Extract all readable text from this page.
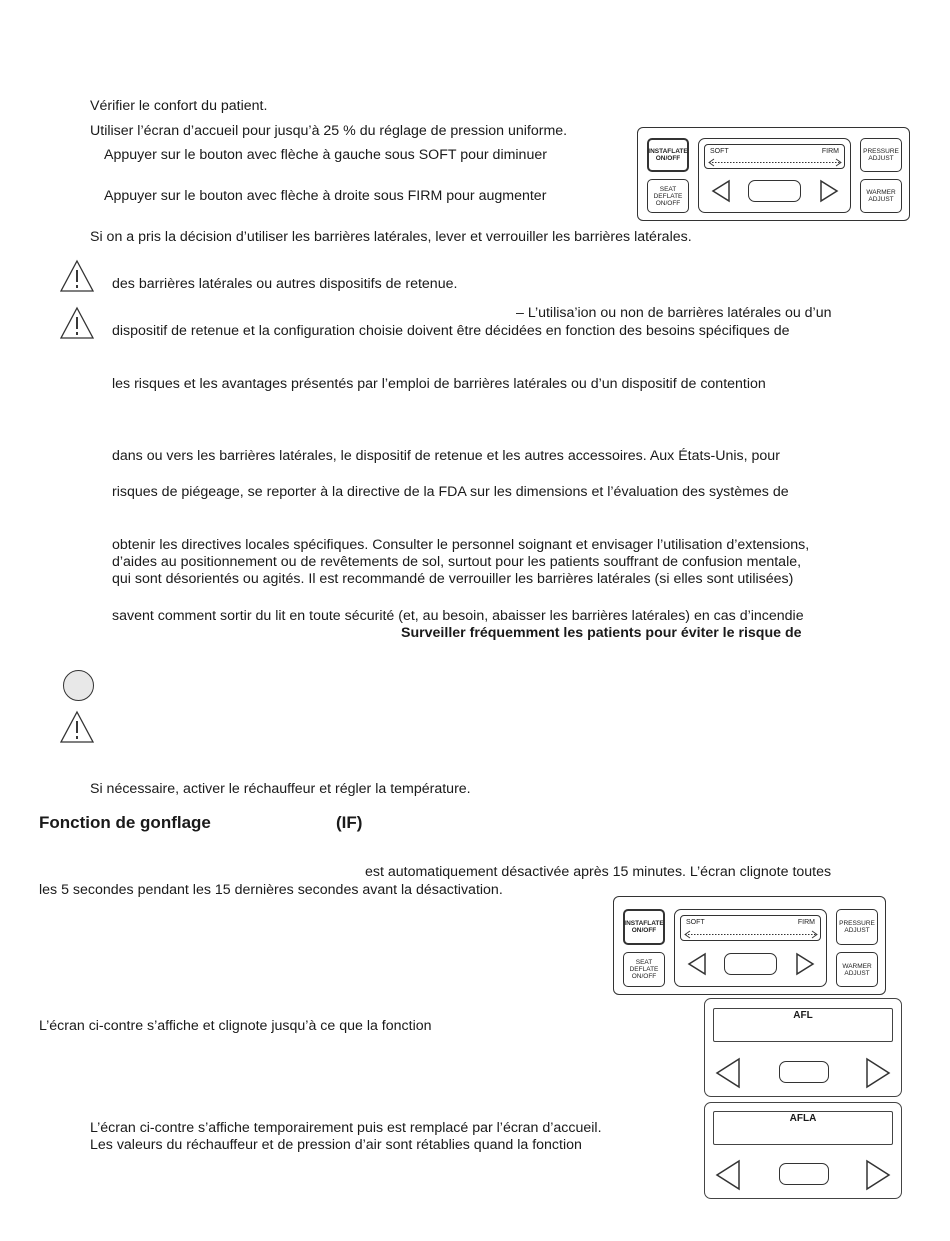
Vérifier le confort du patient.
Utiliser l’écran d’accueil pour jusqu’à 25 % du réglage de pression uniforme.
Appuyer sur le bouton avec flèche à gauche sous SOFT pour diminuer
Appuyer sur le bouton avec flèche à droite sous FIRM pour augmenter
Si on a pris la décision d’utiliser les barrières latérales, lever et verrouiller les barrières latérales.
INSTAFLATE ON/OFF
SEAT DEFLATE ON/OFF
PRESSURE ADJUST
WARMER ADJUST
SOFT	FIRM
des barrières latérales ou autres dispositifs de retenue.
– L’utilisa’ion ou non de barrières latérales ou d’un
dispositif de retenue et la configuration choisie doivent être décidées en fonction des besoins spécifiques de
les risques et les avantages présentés par l’emploi de barrières latérales ou d’un dispositif de contention
dans ou vers les barrières latérales, le dispositif de retenue et les autres accessoires. Aux États-Unis, pour
risques de piégeage, se reporter à la directive de la FDA sur les dimensions et l’évaluation des systèmes de
obtenir les directives locales spécifiques. Consulter le personnel soignant et envisager l’utilisation d’extensions,
d’aides au positionnement ou de revêtements de sol, surtout pour les patients souffrant de confusion mentale,
qui sont désorientés ou agités. Il est recommandé de verrouiller les barrières latérales (si elles sont utilisées)
savent comment sortir du lit en toute sécurité (et, au besoin, abaisser les barrières latérales) en cas d’incendie
Surveiller fréquemment les patients pour éviter le risque de
Si nécessaire, activer le réchauffeur et régler la température.
Fonction de gonflage	(IF)
est automatiquement désactivée après 15 minutes. L’écran clignote toutes
les 5 secondes pendant les 15 dernières secondes avant la désactivation.
INSTAFLATE ON/OFF
SEAT DEFLATE ON/OFF
PRESSURE ADJUST
WARMER ADJUST
SOFT	FIRM
L’écran ci-contre s’affiche et clignote jusqu’à ce que la fonction
AFL
L’écran ci-contre s’affiche temporairement puis est remplacé par l’écran d’accueil.
Les valeurs du réchauffeur et de pression d’air sont rétablies quand la fonction
AFLA
